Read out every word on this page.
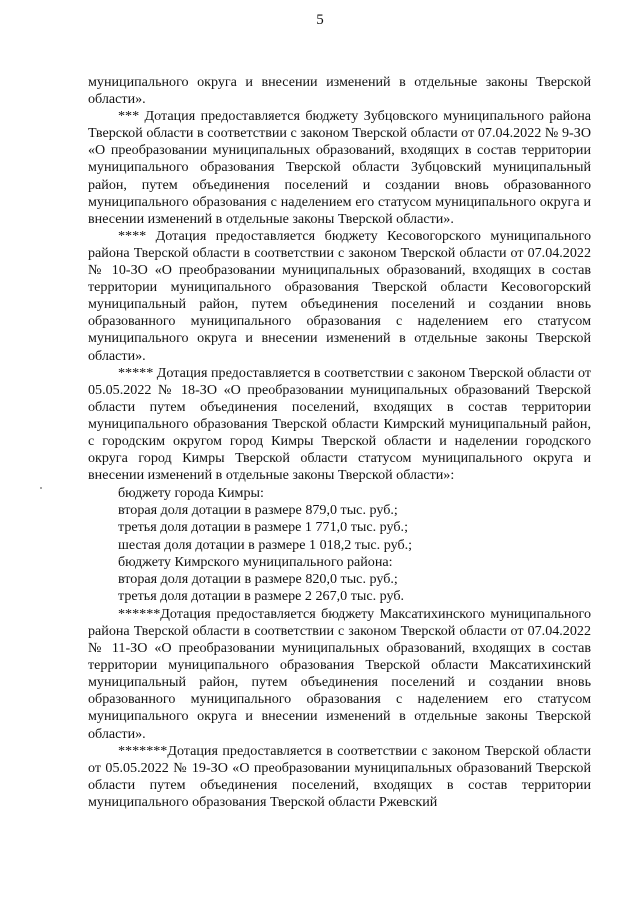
5

муниципального округа и внесении изменений в отдельные законы Тверской области».

*** Дотация предоставляется бюджету Зубцовского муниципального района Тверской области в соответствии с законом Тверской области от 07.04.2022 № 9-ЗО «О преобразовании муниципальных образований, входящих в состав территории муниципального образования Тверской области Зубцовский муниципальный район, путем объединения поселений и создании вновь образованного муниципального образования с наделением его статусом муниципального округа и внесении изменений в отдельные законы Тверской области».

**** Дотация предоставляется бюджету Кесовогорского муниципального района Тверской области в соответствии с законом Тверской области от 07.04.2022 № 10-ЗО «О преобразовании муниципальных образований, входящих в состав территории муниципального образования Тверской области Кесовогорский муниципальный район, путем объединения поселений и создании вновь образованного муниципального образования с наделением его статусом муниципального округа и внесении изменений в отдельные законы Тверской области».

***** Дотация предоставляется в соответствии с законом Тверской области от 05.05.2022 № 18-ЗО «О преобразовании муниципальных образований Тверской области путем объединения поселений, входящих в состав территории муниципального образования Тверской области Кимрский муниципальный район, с городским округом город Кимры Тверской области и наделении городского округа город Кимры Тверской области статусом муниципального округа и внесении изменений в отдельные законы Тверской области»:

бюджету города Кимры:
вторая доля дотации в размере 879,0 тыс. руб.;
третья доля дотации в размере 1 771,0 тыс. руб.;
шестая доля дотации в размере 1 018,2 тыс. руб.;
бюджету Кимрского муниципального района:
вторая доля дотации в размере 820,0 тыс. руб.;
третья доля дотации в размере 2 267,0 тыс. руб.

******Дотация предоставляется бюджету Максатихинского муниципального района Тверской области в соответствии с законом Тверской области от 07.04.2022 № 11-ЗО «О преобразовании муниципальных образований, входящих в состав территории муниципального образования Тверской области Максатихинский муниципальный район, путем объединения поселений и создании вновь образованного муниципального образования с наделением его статусом муниципального округа и внесении изменений в отдельные законы Тверской области».

*******Дотация предоставляется в соответствии с законом Тверской области от 05.05.2022 № 19-ЗО «О преобразовании муниципальных образований Тверской области путем объединения поселений, входящих в состав территории муниципального образования Тверской области Ржевский
